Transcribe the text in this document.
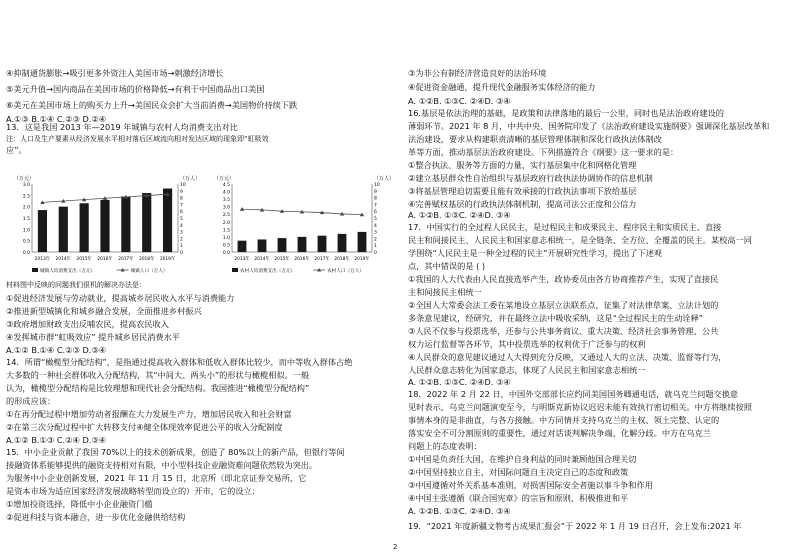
④抑制通货膨胀→吸引更多外资注入美国市场→刺激经济增长
⑤美元升值→国内商品在美国市场的价格降低→有利于中国商品出口美国
⑥美元在美国市场上的购买力上升→美国民众会扩大当前消费→美国物价持续下跌
A.①③ B.①④ C.②③ D.②④
13．这是我国 2013 年—2019 年城镇与农村人均消费支出对比
注：人口及生产要素从经济发展水平相对落后区域流向相对发达区域的现象即“虹吸效
应”。
（万元）	（万人）
0.0
0.5
1.0
1.5
2.0
2.5
3.0
0
1
2
3
4
5
6
7
8
9
10
2013年 2014年 2015年 2016年 2017年 2018年 2019年
城镇人均消费支出（万元）	城镇人口（万人）
（万元）	（万人）
0.0
0.5
1.0
1.5
2.0
2.5
3.0
3.5
4.0
4.5
0
1
2
3
4
5
6
7
8
9
10
2013年 2014年 2015年 2016年 2017年 2018年 2019年
农村人均消费支出（万元）	农村人口（万人）
材料图中反映的问题我们很机的解决办法是：
①促进经济发展与劳动就业，提高城乡居民收入水平与消费能力
②推进新型城镇化和城乡融合发展，全面推进乡村振兴
③政府增加财政支出反哺农民，提高农民收入
④发挥城市群“虹吸效应” 提升城乡居民消费水平
A.①② B.①④ C.②③ D.③④
14．所谓“橄榄型分配结构”，是指通过提高收入群体和低收入群体比较少，而中等收入群体占绝
大多数的一种社会群体收入分配结构，其“中间大、两头小”的形状与橄榄相似。一般
认为，橄榄型分配结构是比较理想和现代社会分配结构。我国推进“橄榄型分配结构”
的形成应该：
①在再分配过程中增加劳动者报酬在大力发展生产力，增加居民收入和社会财富
②在第三次分配过程中扩大转移支付④健全体现效率促进公平的收入分配制度
A.①② B.①③ C.②④ D.③④
15．中小企业贡献了我国 70%以上的技术创新成果，创造了 80%以上的新产品，但银行等间
接融资体系能够提供的融资支持相对有限，中小型科技企业融资难问题依然较为突出。
为服务中小企业创新发展，2021 年 11 月 15 日，北京所（即北京证券交易所，它
是资本市场为适应国家经济发展战略转型而设立的）开市，它的设立：
①增加投资选择，降低中小企业融资门槛
②促进科技与资本融合，进一步优化金融供给结构
③为非公有制经济营造良好的法治环境
④促进资金融通，提升现代金融服务实体经济的能力
A. ①②B. ①③C. ②④D. ③④
16.基层是依法治理的基础，是政策和法律落地的最后一公里，同时也是法治政府建设的
薄弱环节。2021 年 8 月，中共中央、国务院印发了《法治政府建设实施纲要》强调深化基层改革和
法治建设，要求从构建职责清晰的基层管理体制和深化行政执法体制改
革等方面，推动基层法治政府建设。下列措施符合《纲要》这一要求的是：
①整合执法、服务等方面的力量，实行基层集中化和网格化管理
②建立基层群众性自治组织与基层政府行政执法协调协作的信息机制
③将基层管理迫切需要且能有效承接的行政执法事项下放给基层
④完善赋权基层的行政执法体制机制，提高司法公正度和公信力
A. ①②B. ①③C. ②④D. ③④
17．中国实行的全过程人民民主，是过程民主和成果民主、程序民主和实质民主、直接
民主和间接民主、人民民主和国家意志相统一，是全链条、全方位、全覆盖的民主。某校高一同
学围绕“人民民主是一种全过程的民主”开展研究性学习，提出了下述观
点，其中错误的是 ( )
①我国的人大代表由人民直接选举产生，政协委员由各方协商推荐产生，实现了直接民
主和间接民主相统一
②全国人大常委会法工委在某地设立基层立法联系点，征集了对法律草案、立法计划的
多条意见建议，经研究，并在最终立法中吸收采纳，这是“全过程民主的生动诠释”
③人民不仅参与投票选举，还参与公共事务商议、重大决策、经济社会事务管理、公共
权力运行监督等各环节，其中投票选举的权利优于广泛参与的权利
④人民群众的意见建议通过人大得到充分反映，又通过人大的立法、决策、监督等行为，
人民群众意志转化为国家意志，体现了人民民主和国家意志相统一
A. ①②B. ①③C. ②④D. ③④
18．2022 年 2 月 22 日，中国外交部部长应约同美国国务卿通电话，就乌克兰问题交换意
见时表示，乌克兰问题演变至今，与明斯克新协议迟迟未能有效执行密切相关。中方将继续按照
事情本身的是非曲直，与各方接触。中方同情并支持乌克兰的主权、领土完整、认定的
落实安全不可分割原则的重要性，通过对话谈判解决争端，化解分歧。中方在乌克兰
问题上的态度表明：
①中国是负责任大国，在维护自身利益的同时兼顾他国合理关切
②中国坚持独立自主，对国际问题自主决定自己的态度和政策
③中国遵循对外关系基本准则，对损害国际安全者施以事斗争和作用
④中国主张遵循《联合国宪章》的宗旨和原则，积极推进和平
A. ①②B. ①③C. ②④D. ③④
19．“2021 年度新疆文物考古成果汇报会”于 2022 年 1 月 19 日召开，会上发布:2021 年
2
